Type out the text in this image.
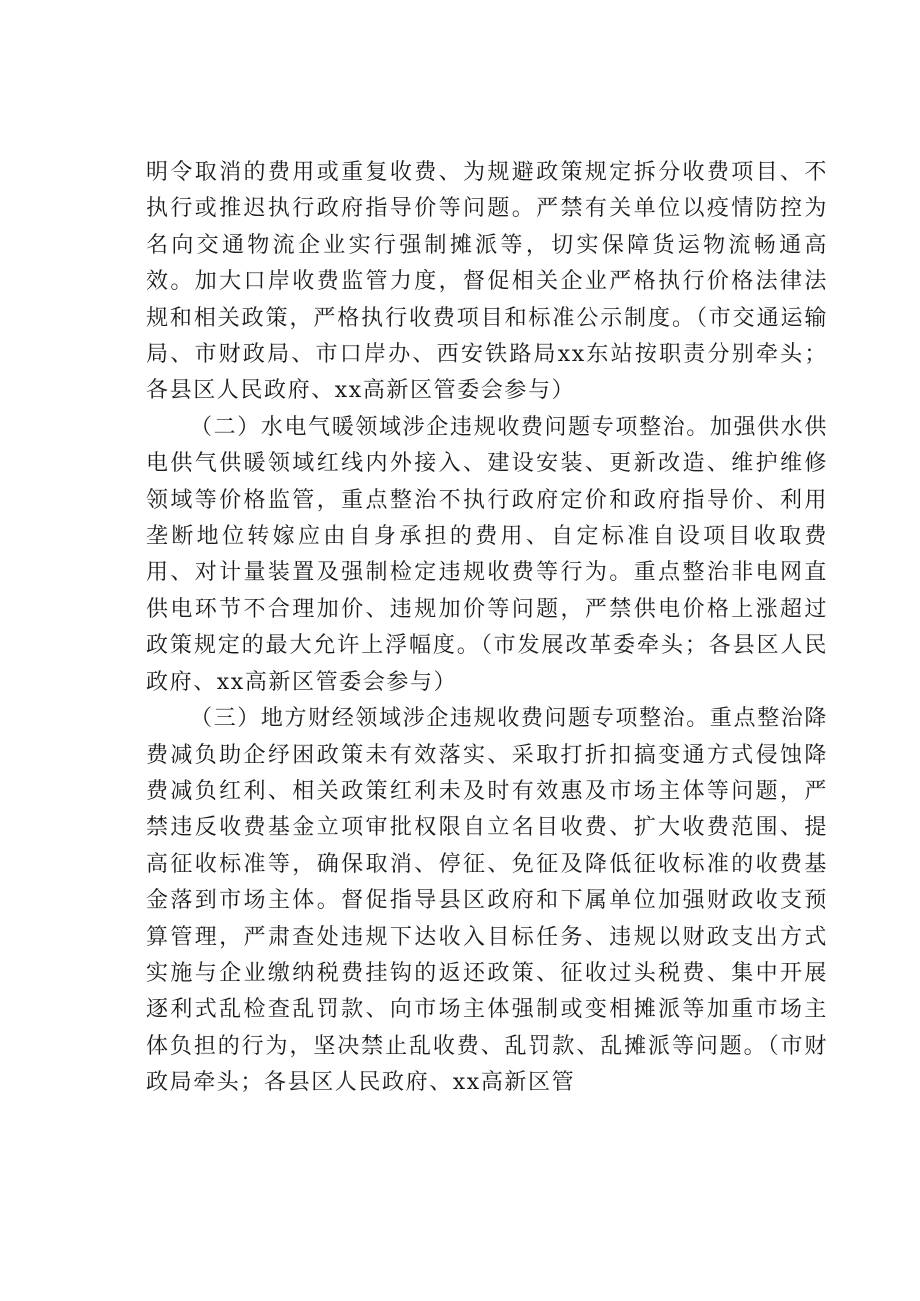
明令取消的费用或重复收费、为规避政策规定拆分收费项目、不执行或推迟执行政府指导价等问题。严禁有关单位以疫情防控为名向交通物流企业实行强制摊派等，切实保障货运物流畅通高效。加大口岸收费监管力度，督促相关企业严格执行价格法律法规和相关政策，严格执行收费项目和标准公示制度。（市交通运输局、市财政局、市口岸办、西安铁路局xx东站按职责分别牵头；各县区人民政府、xx高新区管委会参与）

（二）水电气暖领域涉企违规收费问题专项整治。加强供水供电供气供暖领域红线内外接入、建设安装、更新改造、维护维修领域等价格监管，重点整治不执行政府定价和政府指导价、利用垄断地位转嫁应由自身承担的费用、自定标准自设项目收取费用、对计量装置及强制检定违规收费等行为。重点整治非电网直供电环节不合理加价、违规加价等问题，严禁供电价格上涨超过政策规定的最大允许上浮幅度。（市发展改革委牵头；各县区人民政府、xx高新区管委会参与）

（三）地方财经领域涉企违规收费问题专项整治。重点整治降费减负助企纾困政策未有效落实、采取打折扣搞变通方式侵蚀降费减负红利、相关政策红利未及时有效惠及市场主体等问题，严禁违反收费基金立项审批权限自立名目收费、扩大收费范围、提高征收标准等，确保取消、停征、免征及降低征收标准的收费基金落到市场主体。督促指导县区政府和下属单位加强财政收支预算管理，严肃查处违规下达收入目标任务、违规以财政支出方式实施与企业缴纳税费挂钩的返还政策、征收过头税费、集中开展逐利式乱检查乱罚款、向市场主体强制或变相摊派等加重市场主体负担的行为，坚决禁止乱收费、乱罚款、乱摊派等问题。（市财政局牵头；各县区人民政府、xx高新区管
